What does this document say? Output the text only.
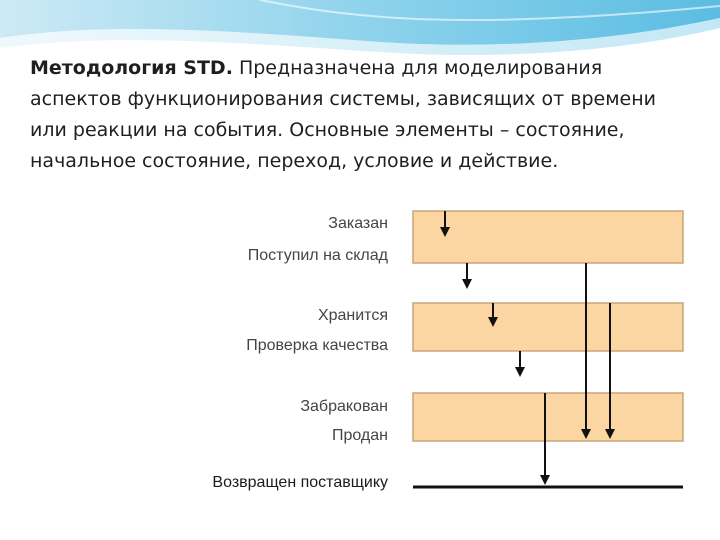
Методология STD. Предназначена для моделирования аспектов функционирования системы, зависящих от времени или реакции на события. Основные элементы – состояние, начальное состояние, переход, условие и действие.

Заказан
Поступил на склад
Хранится
Проверка качества
Забракован
Продан
Возвращен поставщику
